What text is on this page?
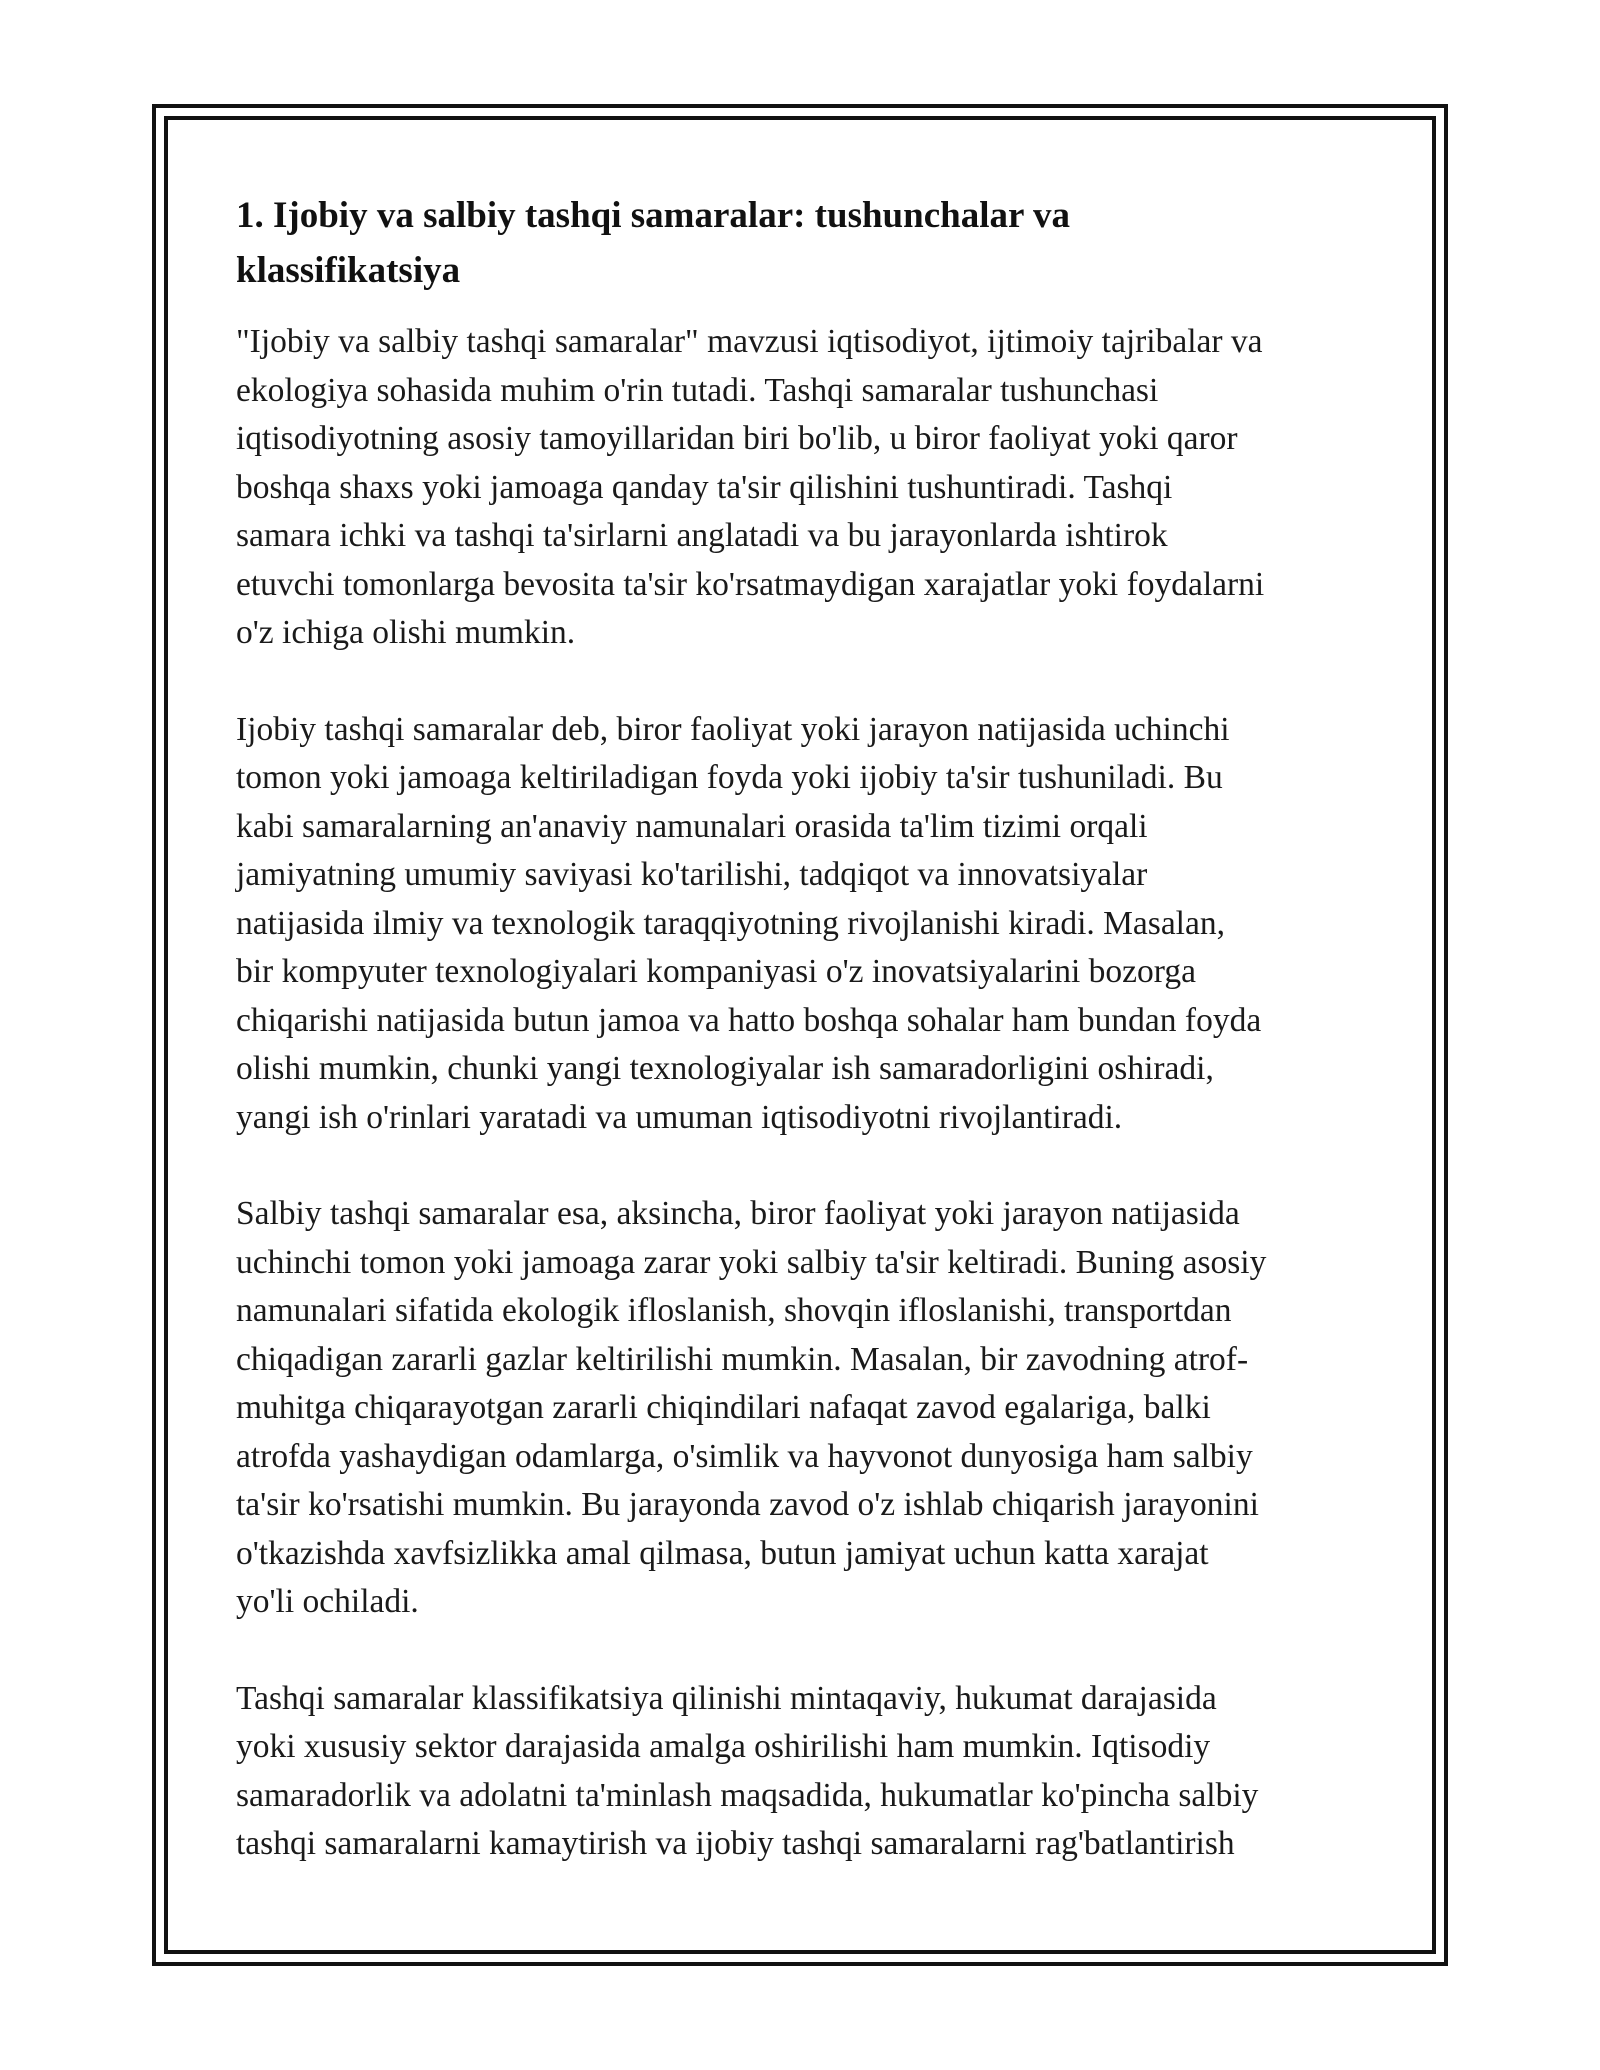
1. Ijobiy va salbiy tashqi samaralar: tushunchalar va
klassifikatsiya

"Ijobiy va salbiy tashqi samaralar" mavzusi iqtisodiyot, ijtimoiy tajribalar va
ekologiya sohasida muhim o'rin tutadi. Tashqi samaralar tushunchasi
iqtisodiyotning asosiy tamoyillaridan biri bo'lib, u biror faoliyat yoki qaror
boshqa shaxs yoki jamoaga qanday ta'sir qilishini tushuntiradi. Tashqi
samara ichki va tashqi ta'sirlarni anglatadi va bu jarayonlarda ishtirok
etuvchi tomonlarga bevosita ta'sir ko'rsatmaydigan xarajatlar yoki foydalarni
o'z ichiga olishi mumkin.

Ijobiy tashqi samaralar deb, biror faoliyat yoki jarayon natijasida uchinchi
tomon yoki jamoaga keltiriladigan foyda yoki ijobiy ta'sir tushuniladi. Bu
kabi samaralarning an'anaviy namunalari orasida ta'lim tizimi orqali
jamiyatning umumiy saviyasi ko'tarilishi, tadqiqot va innovatsiyalar
natijasida ilmiy va texnologik taraqqiyotning rivojlanishi kiradi. Masalan,
bir kompyuter texnologiyalari kompaniyasi o'z inovatsiyalarini bozorga
chiqarishi natijasida butun jamoa va hatto boshqa sohalar ham bundan foyda
olishi mumkin, chunki yangi texnologiyalar ish samaradorligini oshiradi,
yangi ish o'rinlari yaratadi va umuman iqtisodiyotni rivojlantiradi.

Salbiy tashqi samaralar esa, aksincha, biror faoliyat yoki jarayon natijasida
uchinchi tomon yoki jamoaga zarar yoki salbiy ta'sir keltiradi. Buning asosiy
namunalari sifatida ekologik ifloslanish, shovqin ifloslanishi, transportdan
chiqadigan zararli gazlar keltirilishi mumkin. Masalan, bir zavodning atrof-
muhitga chiqarayotgan zararli chiqindilari nafaqat zavod egalariga, balki
atrofda yashaydigan odamlarga, o'simlik va hayvonot dunyosiga ham salbiy
ta'sir ko'rsatishi mumkin. Bu jarayonda zavod o'z ishlab chiqarish jarayonini
o'tkazishda xavfsizlikka amal qilmasa, butun jamiyat uchun katta xarajat
yo'li ochiladi.

Tashqi samaralar klassifikatsiya qilinishi mintaqaviy, hukumat darajasida
yoki xususiy sektor darajasida amalga oshirilishi ham mumkin. Iqtisodiy
samaradorlik va adolatni ta'minlash maqsadida, hukumatlar ko'pincha salbiy
tashqi samaralarni kamaytirish va ijobiy tashqi samaralarni rag'batlantirish
